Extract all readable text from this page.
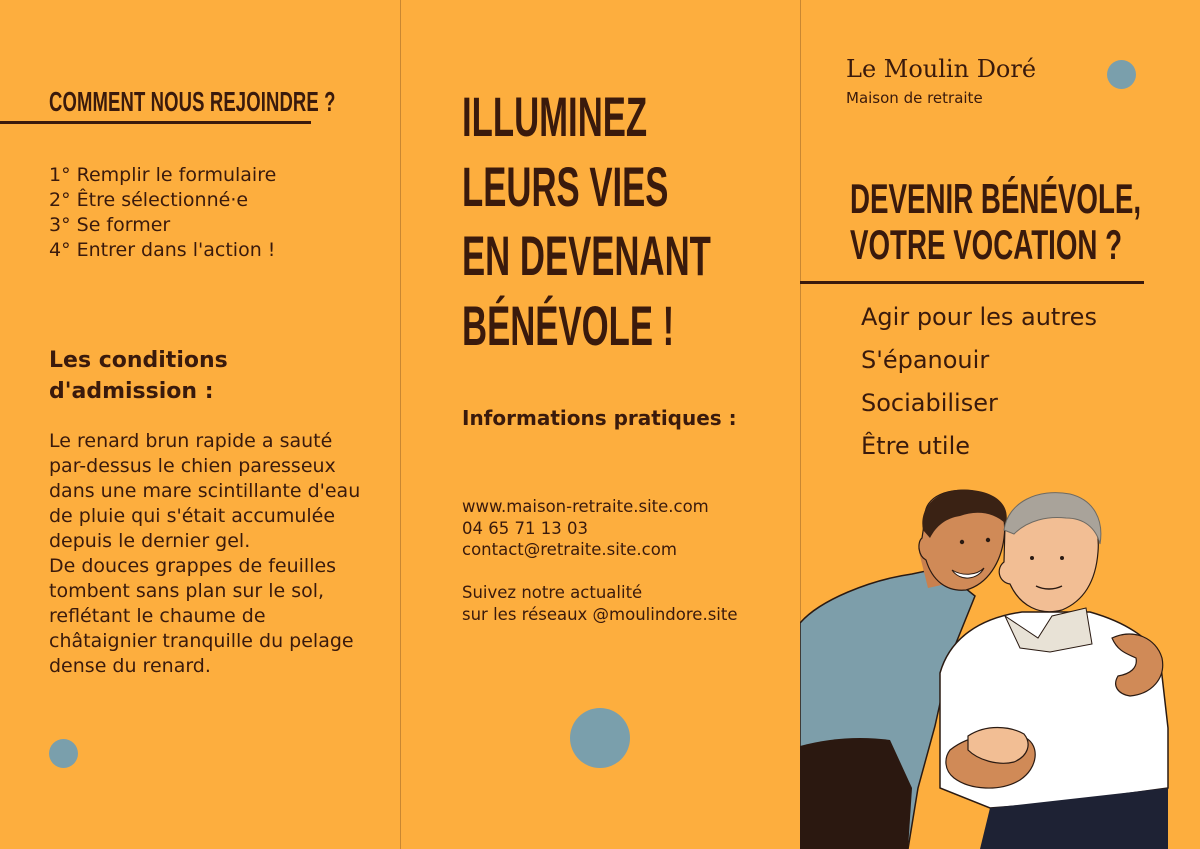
COMMENT NOUS REJOINDRE ?
1° Remplir le formulaire
2° Être sélectionné·e
3° Se former
4° Entrer dans l'action !
Les conditions d'admission :

Le renard brun rapide a sauté par-dessus le chien paresseux dans une mare scintillante d'eau de pluie qui s'était accumulée depuis le dernier gel.

De douces grappes de feuilles tombent sans plan sur le sol, reflétant le chaume de châtaignier tranquille du pelage dense du renard.

ILLUMINEZ
LEURS VIES
EN DEVENANT
BÉNÉVOLE !
Informations pratiques :
www.maison-retraite.site.com
04 65 71 13 03
contact@retraite.site.com
Suivez notre actualité
sur les réseaux @moulindore.site
Le Moulin Doré
Maison de retraite
DEVENIR BÉNÉVOLE,
VOTRE VOCATION ?
Agir pour les autres
S'épanouir
Sociabiliser
Être utile
